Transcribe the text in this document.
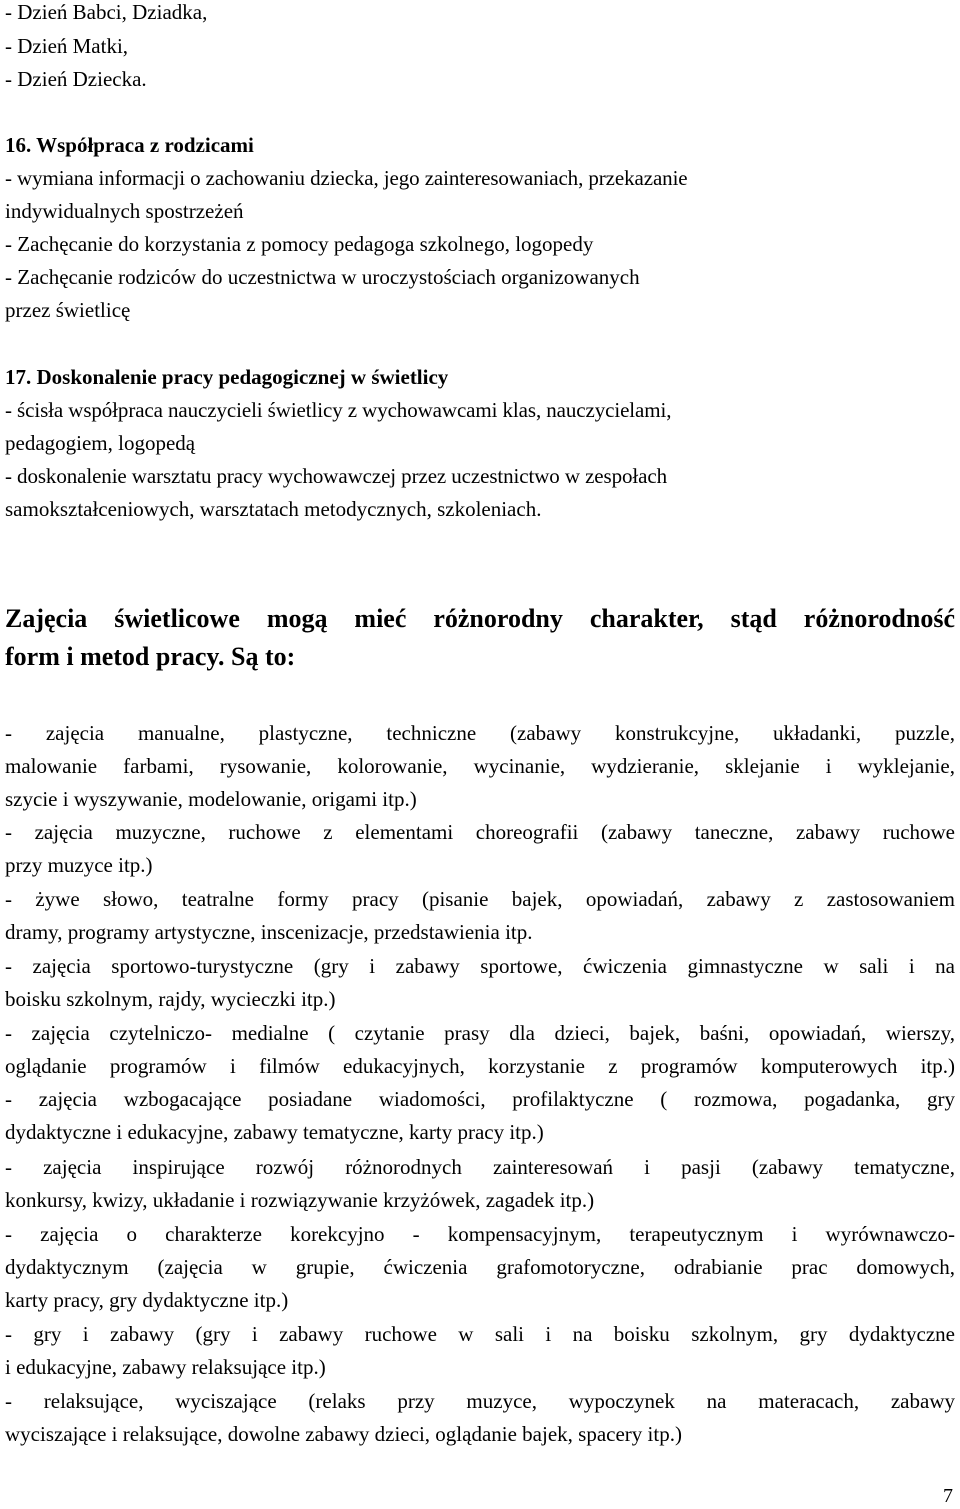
- Dzień Babci, Dziadka,
- Dzień Matki,
- Dzień Dziecka.
16. Współpraca z rodzicami
- wymiana informacji o zachowaniu dziecka, jego zainteresowaniach, przekazanie
indywidualnych spostrzeżeń
- Zachęcanie do korzystania z pomocy pedagoga szkolnego, logopedy
- Zachęcanie rodziców do uczestnictwa w uroczystościach organizowanych
przez świetlicę
17. Doskonalenie pracy pedagogicznej w świetlicy
- ścisła współpraca nauczycieli świetlicy z wychowawcami klas, nauczycielami,
pedagogiem, logopedą
- doskonalenie warsztatu pracy wychowawczej przez uczestnictwo w zespołach
samokształceniowych, warsztatach metodycznych, szkoleniach.
Zajęcia świetlicowe mogą mieć różnorodny charakter, stąd różnorodność
form i metod pracy. Są to:
- zajęcia manualne, plastyczne, techniczne (zabawy konstrukcyjne, układanki, puzzle,
malowanie farbami, rysowanie, kolorowanie, wycinanie, wydzieranie, sklejanie i wyklejanie,
szycie i wyszywanie, modelowanie, origami itp.)
- zajęcia muzyczne, ruchowe z elementami choreografii (zabawy taneczne, zabawy ruchowe
przy muzyce itp.)
- żywe słowo, teatralne formy pracy (pisanie bajek, opowiadań, zabawy z zastosowaniem
dramy, programy artystyczne, inscenizacje, przedstawienia itp.
- zajęcia sportowo-turystyczne (gry i zabawy sportowe, ćwiczenia gimnastyczne w sali i na
boisku szkolnym, rajdy, wycieczki itp.)
- zajęcia czytelniczo- medialne ( czytanie prasy dla dzieci, bajek, baśni, opowiadań, wierszy,
oglądanie programów i filmów edukacyjnych, korzystanie z programów komputerowych itp.)
- zajęcia wzbogacające posiadane wiadomości, profilaktyczne ( rozmowa, pogadanka, gry
dydaktyczne i edukacyjne, zabawy tematyczne, karty pracy itp.)
- zajęcia inspirujące rozwój różnorodnych zainteresowań i pasji (zabawy tematyczne,
konkursy, kwizy, układanie i rozwiązywanie krzyżówek, zagadek itp.)
- zajęcia o charakterze korekcyjno - kompensacyjnym, terapeutycznym i wyrównawczo-
dydaktycznym (zajęcia w grupie, ćwiczenia grafomotoryczne, odrabianie prac domowych,
karty pracy, gry dydaktyczne itp.)
- gry i zabawy (gry i zabawy ruchowe w sali i na boisku szkolnym, gry dydaktyczne
i edukacyjne, zabawy relaksujące itp.)
- relaksujące, wyciszające (relaks przy muzyce, wypoczynek na materacach, zabawy
wyciszające i relaksujące, dowolne zabawy dzieci, oglądanie bajek, spacery itp.)
7
